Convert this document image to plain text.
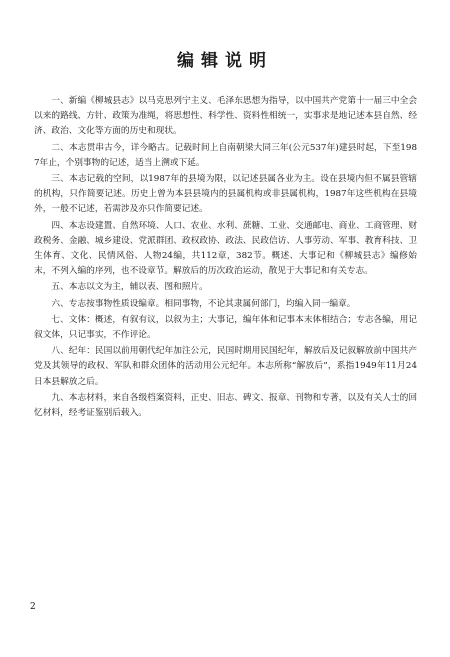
编辑说明

一、新编《柳城县志》以马克思列宁主义、毛泽东思想为指导，以中国共产党第十一届三中全会以来的路线、方针、政策为准绳，将思想性、科学性、资料性相统一，实事求是地记述本县自然、经济、政治、文化等方面的历史和现状。

二、本志贯串古今，详今略古。记载时间上自南朝梁大同三年(公元537年)建县时起，下至1987年止，个别事物的记述，适当上溯或下延。

三、本志记载的空间，以1987年的县境为限，以记述县属各业为主。设在县境内但不属县管辖的机构，只作简要记述。历史上曾为本县县境内的县属机构或非县属机构，1987年这些机构在县境外，一般不记述，若需涉及亦只作简要记述。

四、本志设建置、自然环境、人口、农业、水利、蔗糖、工业、交通邮电、商业、工商管理、财政税务、金融、城乡建设、党派群团、政权政协、政法、民政信访、人事劳动、军事、教育科技、卫生体育、文化、民情风俗、人物24编，共112章，382节。概述、大事记和《柳城县志》编修始末，不列入编的序列，也不设章节。解放后的历次政治运动，散见于大事记和有关专志。

五、本志以文为主，辅以表、图和照片。

六、专志按事物性质设编章。相同事物，不论其隶属何部门，均编入同一编章。

七、文体：概述，有叙有议，以叙为主；大事记，编年体和记事本末体相结合；专志各编，用记叙文体，只记事实，不作评论。

八、纪年：民国以前用朝代纪年加注公元，民国时期用民国纪年，解放后及记叙解放前中国共产党及其领导的政权、军队和群众团体的活动用公元纪年。本志所称“解放后”，系指1949年11月24日本县解放之后。

九、本志材料，来自各级档案资料，正史、旧志、碑文、报章、刊物和专著，以及有关人士的回忆材料，经考证鉴别后载入。

2
